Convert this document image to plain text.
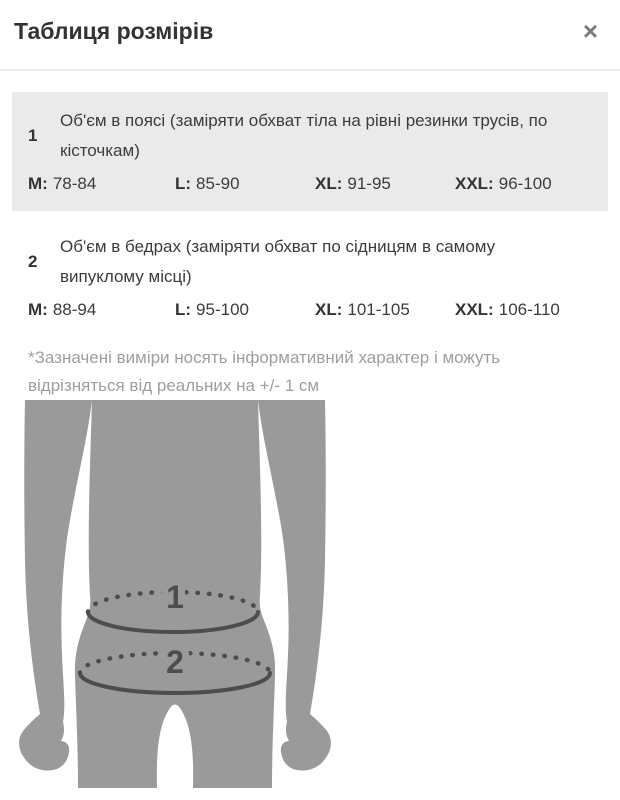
Таблиця розмірів	×
1
Об'єм в поясі (заміряти обхват тіла на рівні резинки трусів, по
кісточкам)
M: 78-84	L: 85-90	XL: 91-95	XXL: 96-100
2
Об'єм в бедрах (заміряти обхват по сідницям в самому
випуклому місці)
M: 88-94	L: 95-100	XL: 101-105	XXL: 106-110

*Зазначені виміри носять інформативний характер і можуть
відрізняться від реальних на +/- 1 см

1
2
